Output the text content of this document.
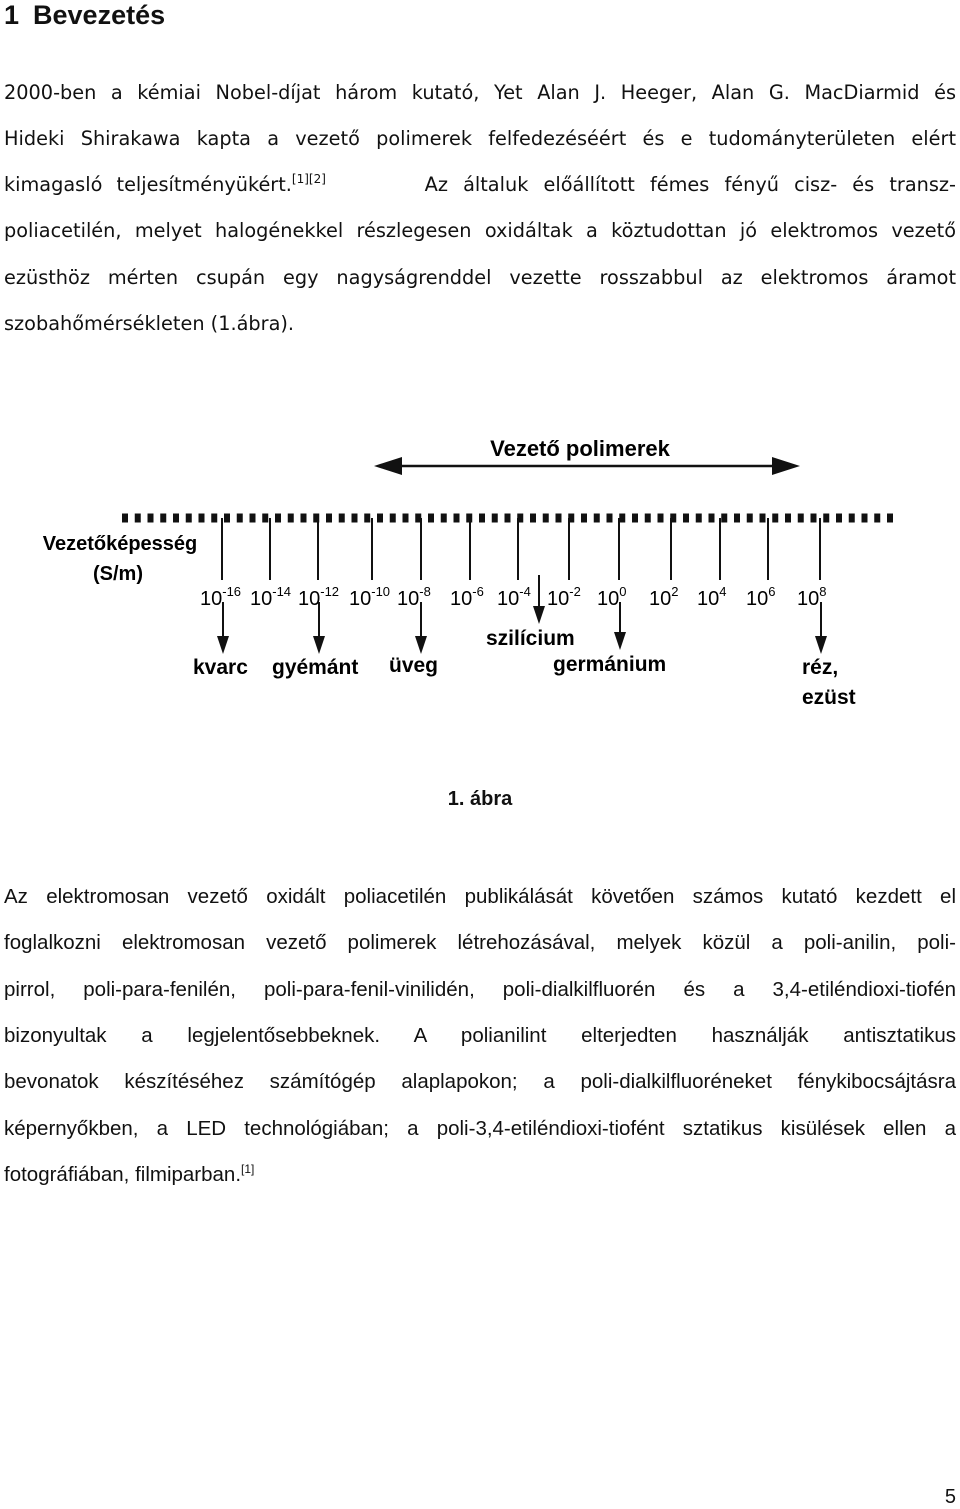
1 Bevezetés
2000-ben a kémiai Nobel-díjat három kutató, Yet Alan J. Heeger, Alan G. MacDiarmid és
Hideki Shirakawa kapta a vezető polimerek felfedezéséért és e tudományterületen elért
kimagasló teljesítményükért.[1][2]	Az általuk előállított fémes fényű cisz- és transz-
poliacetilén, melyet halogénekkel részlegesen oxidáltak a köztudottan jó elektromos vezető
ezüsthöz mérten csupán egy nagyságrenddel vezette rosszabbul az elektromos áramot
szobahőmérsékleten (1.ábra).
Vezető polimerek
Vezetőképesség
(S/m)
$10^{-16}$ $10^{-14}$ $10^{-12}$ $10^{-10}$ $10^{-8}$ $10^{-6}$ $10^{-4}$ $10^{-2}$ $10^0$ $10^2$ $10^4$ $10^6$ $10^8$
kvarc gyémánt üveg
szilícium
germánium	réz,
ezüst
1. ábra
Az elektromosan vezető oxidált poliacetilén publikálását követően számos kutató kezdett el
foglalkozni elektromosan vezető polimerek létrehozásával, melyek közül a poli-anilin, poli-
pirrol, poli-para-fenilén, poli-para-fenil-vinilidén, poli-dialkilfluorén és a 3,4-etiléndioxi-tiofén
bizonyultak a legjelentősebbeknek. A polianilint elterjedten használják antisztatikus
bevonatok készítéséhez számítógép alaplapokon; a poli-dialkilfluoréneket fénykibocsájtásra
képernyőkben, a LED technológiában; a poli-3,4-etiléndioxi-tiofént sztatikus kisülések ellen a
fotográfiában, filmiparban.[1]
5
